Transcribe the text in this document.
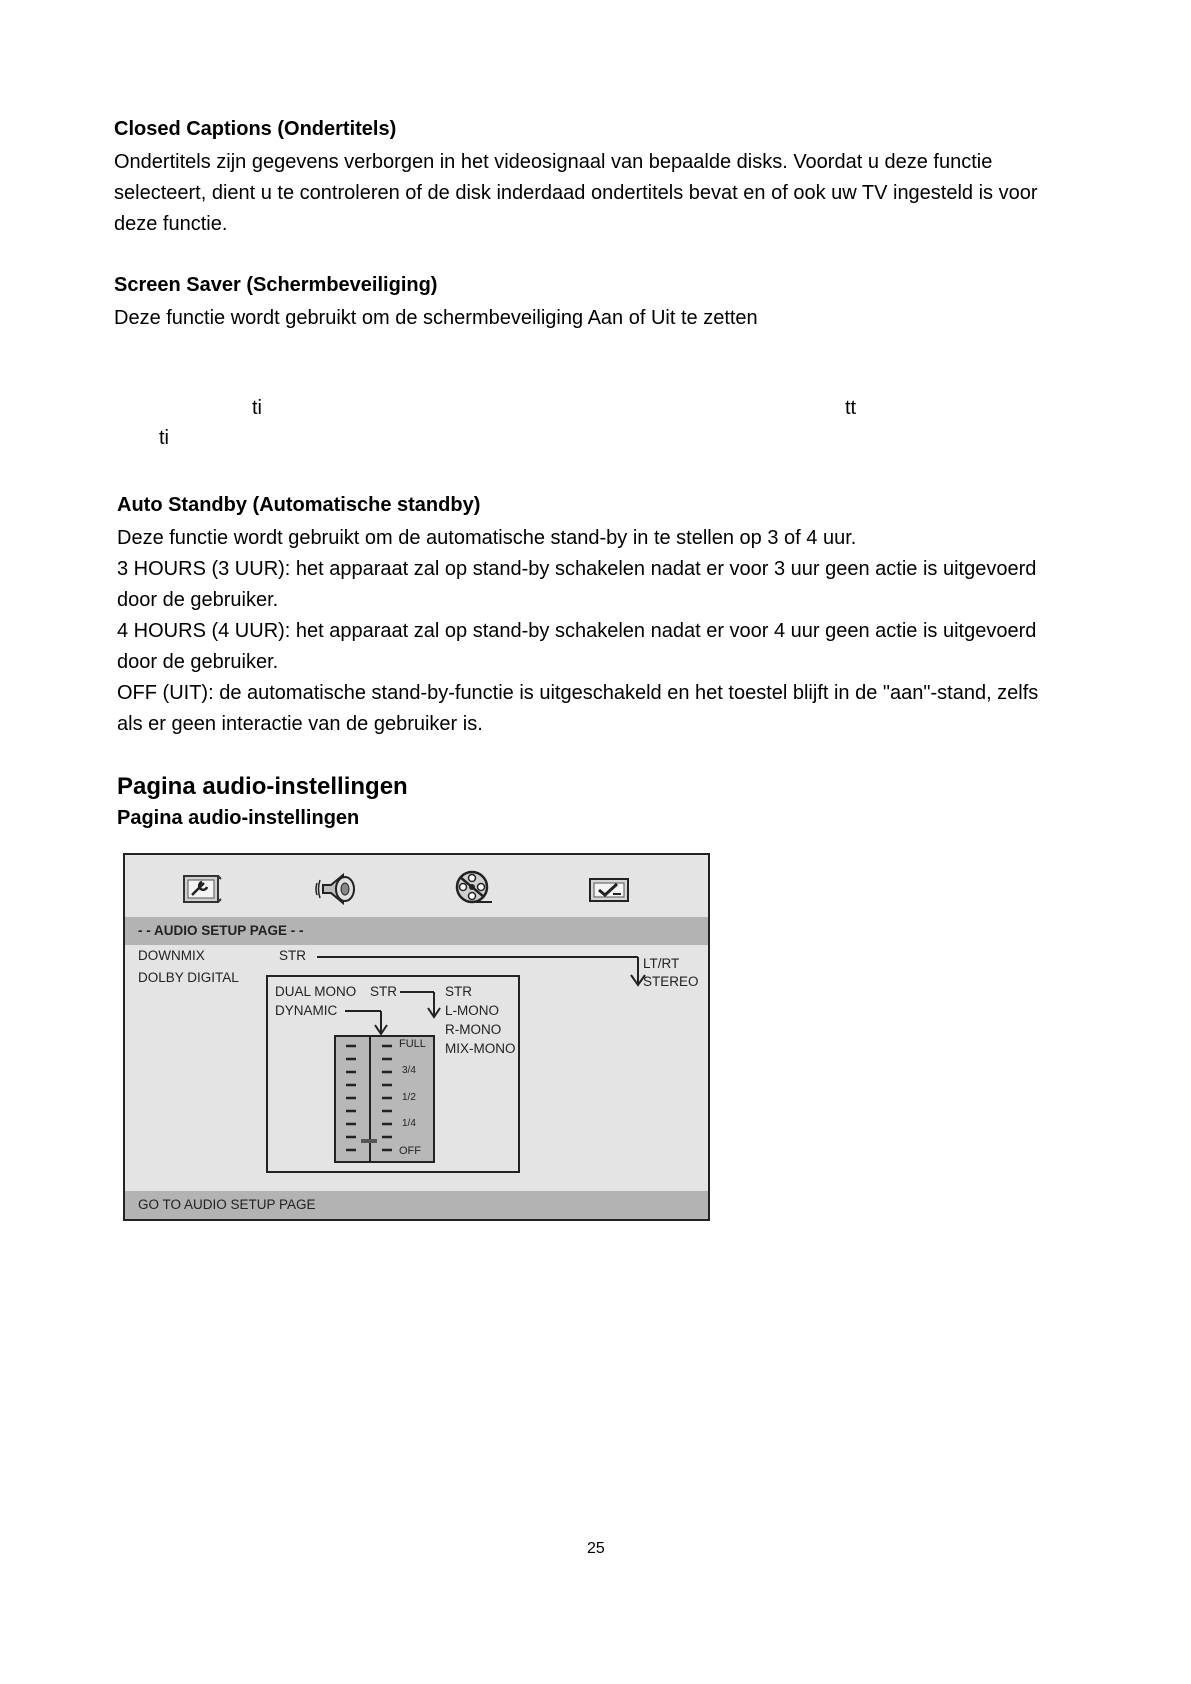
Closed Captions (Ondertitels)
Ondertitels zijn gegevens verborgen in het videosignaal van bepaalde disks. Voordat u deze functie
selecteert, dient u te controleren of de disk inderdaad ondertitels bevat en of ook uw TV ingesteld is voor
deze functie.
Screen Saver (Schermbeveiliging)
Deze functie wordt gebruikt om de schermbeveiliging Aan of Uit te zetten
ti	tt
ti
Auto Standby (Automatische standby)
Deze functie wordt gebruikt om de automatische stand-by in te stellen op 3 of 4 uur.
3 HOURS (3 UUR): het apparaat zal op stand-by schakelen nadat er voor 3 uur geen actie is uitgevoerd
door de gebruiker.
4 HOURS (4 UUR): het apparaat zal op stand-by schakelen nadat er voor 4 uur geen actie is uitgevoerd
door de gebruiker.
OFF (UIT): de automatische stand-by-functie is uitgeschakeld en het toestel blijft in de "aan"-stand, zelfs
als er geen interactie van de gebruiker is.
Pagina audio-instellingen
Pagina audio-instellingen
- - AUDIO SETUP PAGE - -
DOWNMIX	STR
LT/RT
STEREO
DOLBY DIGITAL
DUAL MONO STR	STR
L-MONO
R-MONO
MIX-MONO
DYNAMIC
FULL
3/4
1/2
1/4
OFF
GO TO AUDIO SETUP PAGE
25
